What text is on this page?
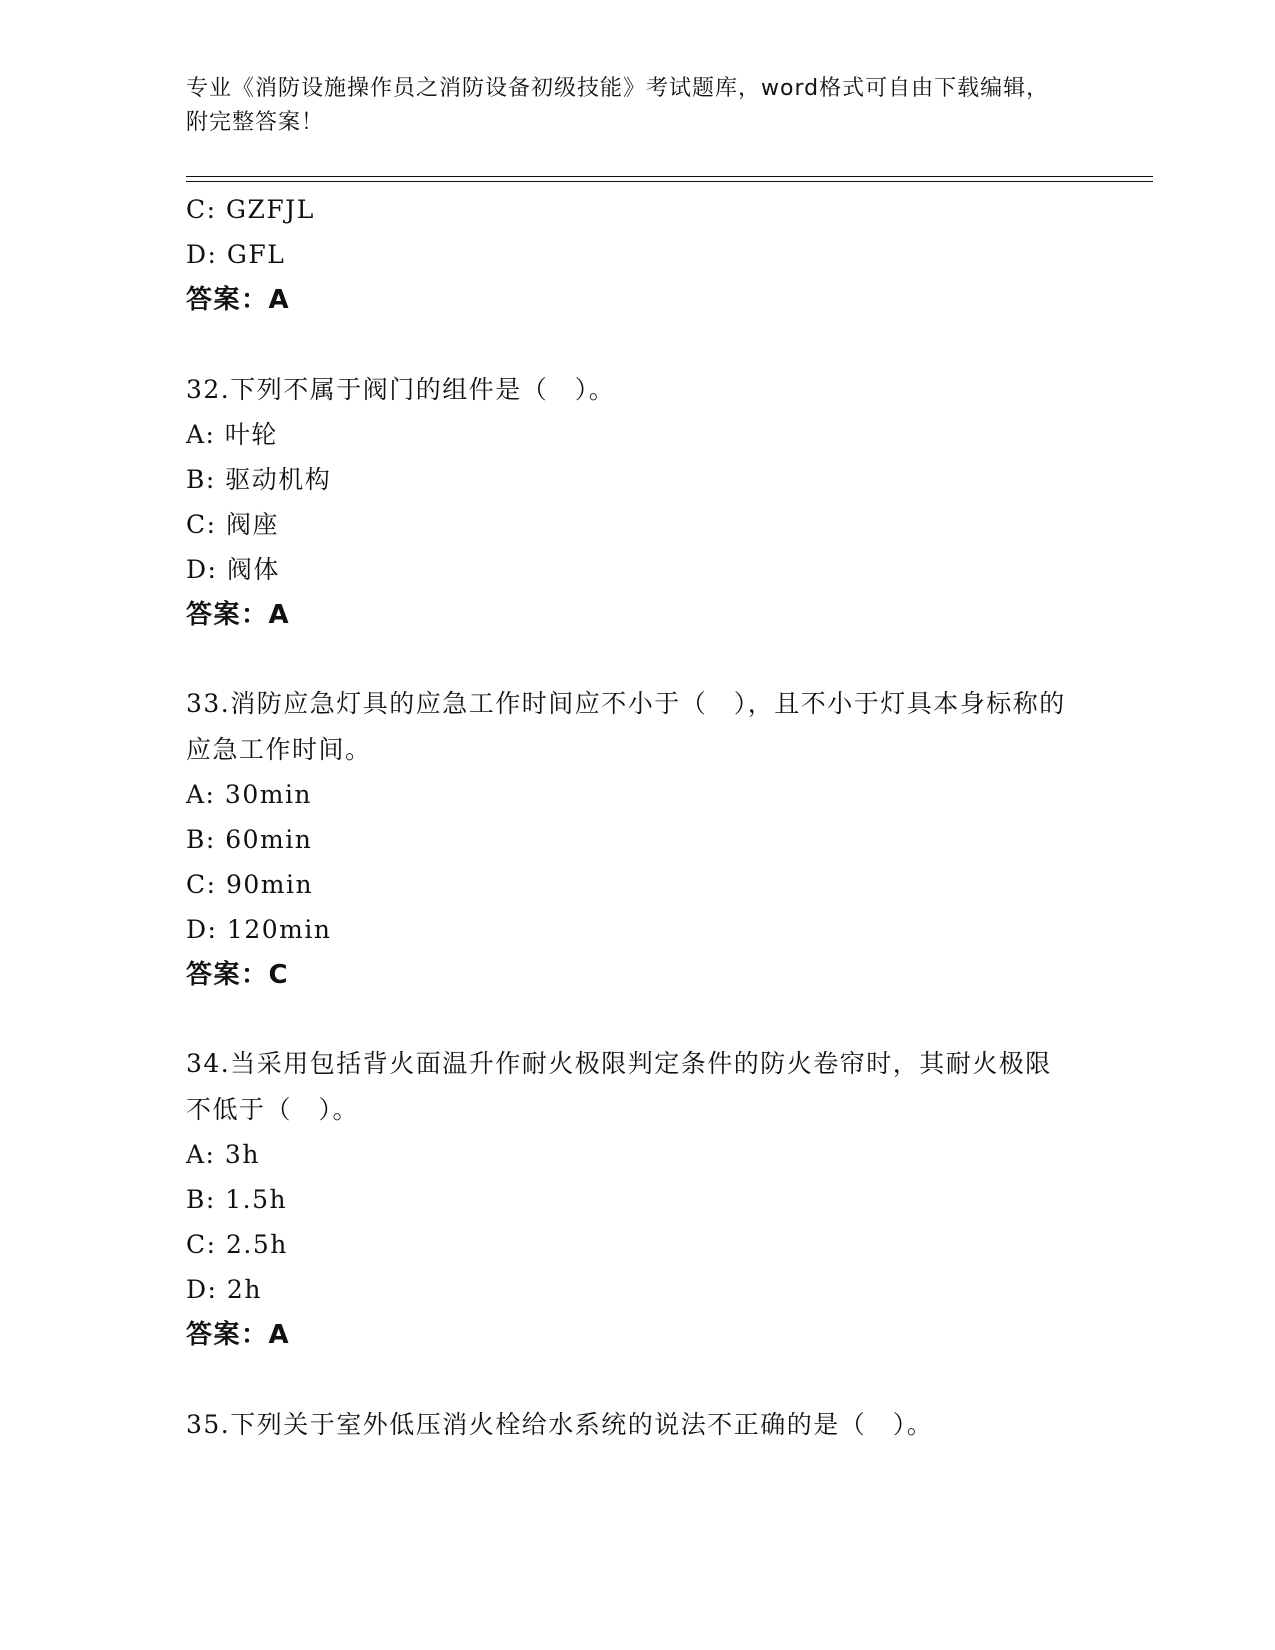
专业《消防设施操作员之消防设备初级技能》考试题库，word格式可自由下载编辑，附完整答案！
C: GZFJL
D: GFL
答案：A
32.下列不属于阀门的组件是（　）。
A: 叶轮
B: 驱动机构
C: 阀座
D: 阀体
答案：A
33.消防应急灯具的应急工作时间应不小于（　），且不小于灯具本身标称的应急工作时间。
A: 30min
B: 60min
C: 90min
D: 120min
答案：C
34.当采用包括背火面温升作耐火极限判定条件的防火卷帘时，其耐火极限不低于（　）。
A: 3h
B: 1.5h
C: 2.5h
D: 2h
答案：A
35.下列关于室外低压消火栓给水系统的说法不正确的是（　）。
